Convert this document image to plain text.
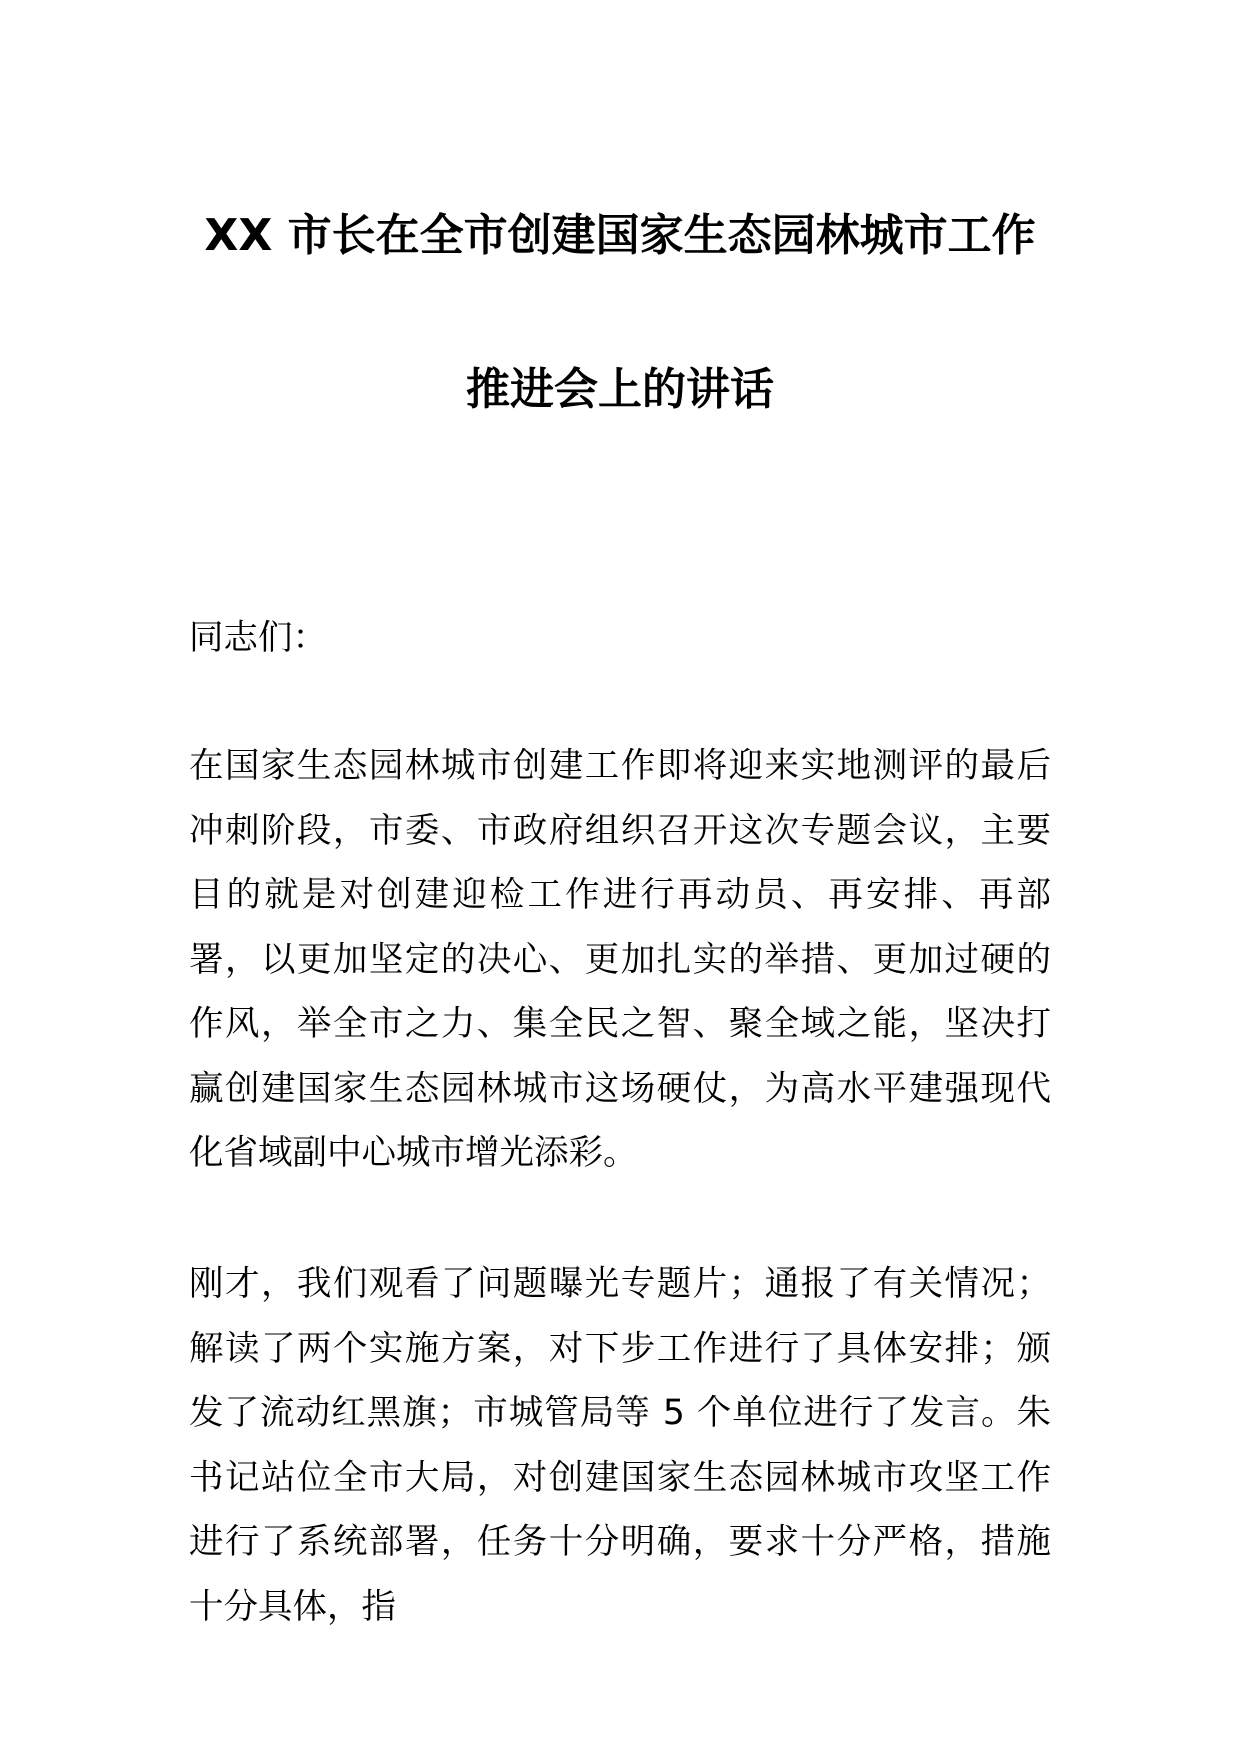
XX 市长在全市创建国家生态园林城市工作
推进会上的讲话
同志们：
在国家生态园林城市创建工作即将迎来实地测评的最后冲刺阶段，市委、市政府组织召开这次专题会议，主要目的就是对创建迎检工作进行再动员、再安排、再部署，以更加坚定的决心、更加扎实的举措、更加过硬的作风，举全市之力、集全民之智、聚全域之能，坚决打赢创建国家生态园林城市这场硬仗，为高水平建强现代化省域副中心城市增光添彩。
刚才，我们观看了问题曝光专题片；通报了有关情况；解读了两个实施方案，对下步工作进行了具体安排；颁发了流动红黑旗；市城管局等 5 个单位进行了发言。朱书记站位全市大局，对创建国家生态园林城市攻坚工作进行了系统部署，任务十分明确，要求十分严格，措施十分具体，指
